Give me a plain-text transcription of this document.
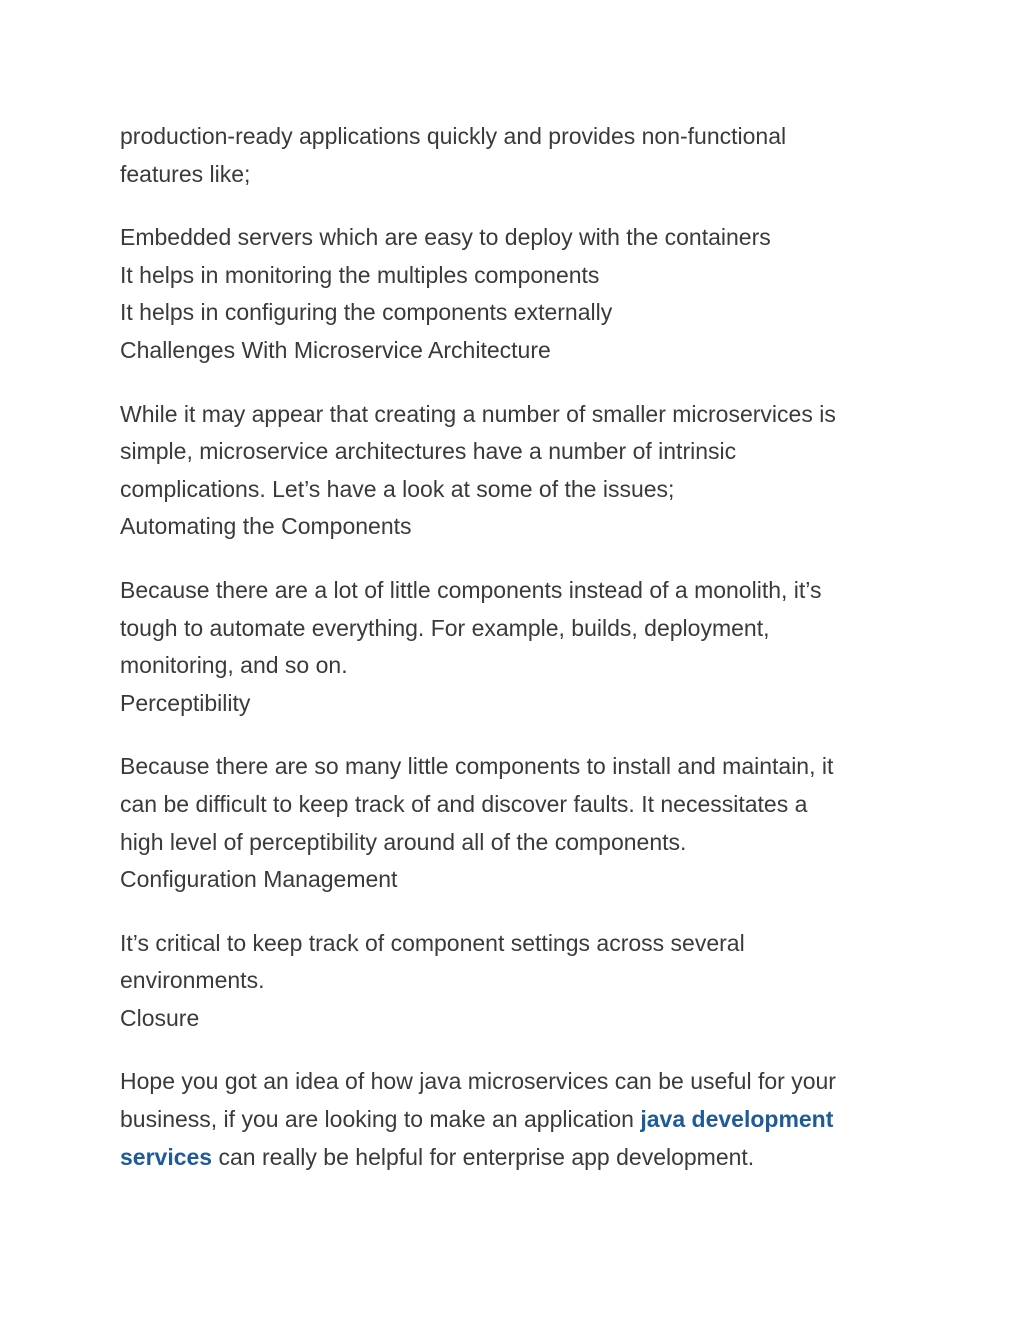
production-ready applications quickly and provides non-functional
features like;
Embedded servers which are easy to deploy with the containers
It helps in monitoring the multiples components
It helps in configuring the components externally
Challenges With Microservice Architecture
While it may appear that creating a number of smaller microservices is
simple, microservice architectures have a number of intrinsic
complications. Let’s have a look at some of the issues;
Automating the Components
Because there are a lot of little components instead of a monolith, it’s
tough to automate everything. For example, builds, deployment,
monitoring, and so on.
Perceptibility
Because there are so many little components to install and maintain, it
can be difficult to keep track of and discover faults. It necessitates a
high level of perceptibility around all of the components.
Configuration Management
It’s critical to keep track of component settings across several
environments.
Closure
Hope you got an idea of how java microservices can be useful for your
business, if you are looking to make an application java development
services can really be helpful for enterprise app development.
